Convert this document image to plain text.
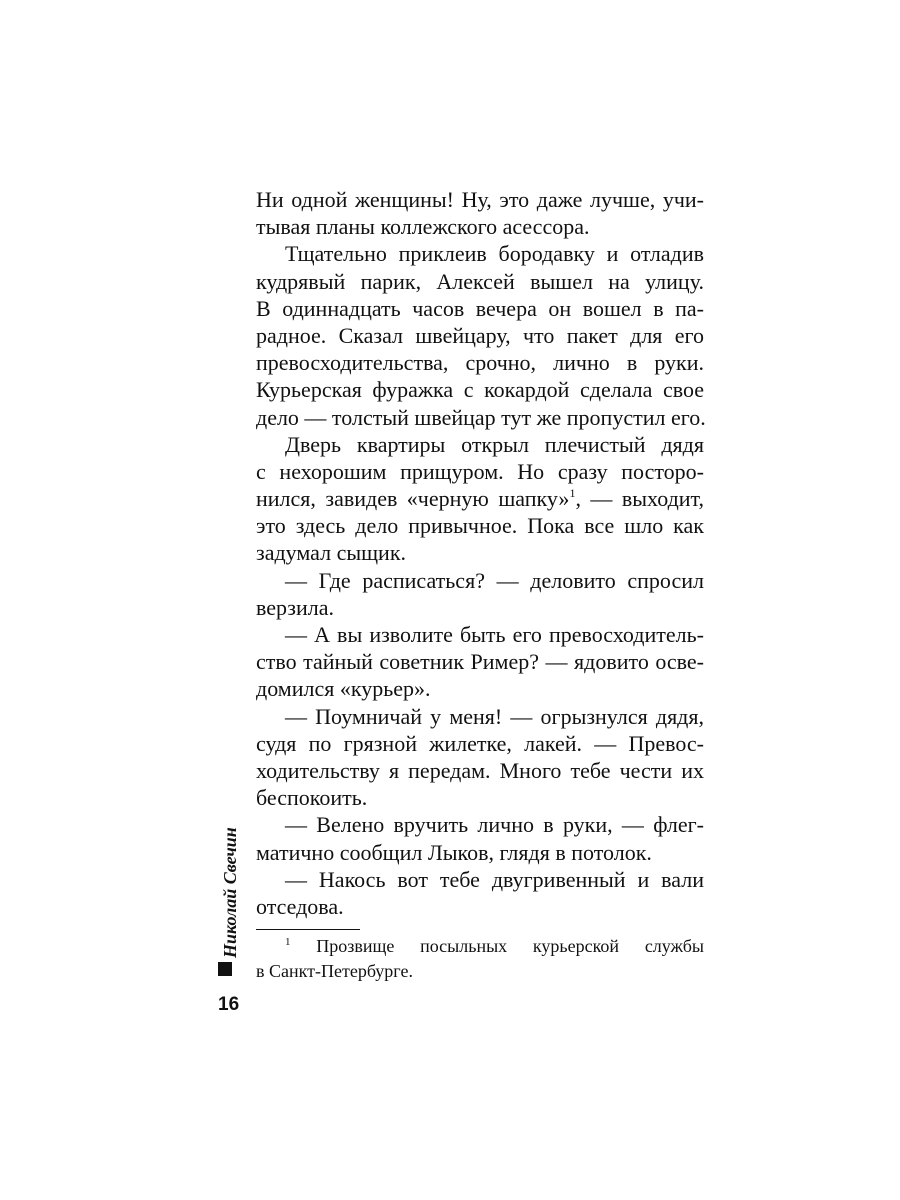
Николай Свечин
16
Ни одной женщины! Ну, это даже лучше, учи-
тывая планы коллежского асессора.
Тщательно приклеив бородавку и отладив
кудрявый парик, Алексей вышел на улицу.
В одиннадцать часов вечера он вошел в па-
радное. Сказал швейцару, что пакет для его
превосходительства, срочно, лично в руки.
Курьерская фуражка с кокардой сделала свое
дело — толстый швейцар тут же пропустил его.
Дверь квартиры открыл плечистый дядя
с нехорошим прищуром. Но сразу посторо-
нился, завидев «черную шапку»$^1$, — выходит,
это здесь дело привычное. Пока все шло как
задумал сыщик.
— Где расписаться? — деловито спросил
верзила.
— А вы изволите быть его превосходитель-
ство тайный советник Ример? — ядовито осве-
домился «курьер».
— Поумничай у меня! — огрызнулся дядя,
судя по грязной жилетке, лакей. — Превос-
ходительству я передам. Много тебе чести их
беспокоить.
— Велено вручить лично в руки, — флег-
матично сообщил Лыков, глядя в потолок.
— Накось вот тебе двугривенный и вали
отседова.
$^1$ Прозвище посыльных курьерской службы
в Санкт-Петербурге.
